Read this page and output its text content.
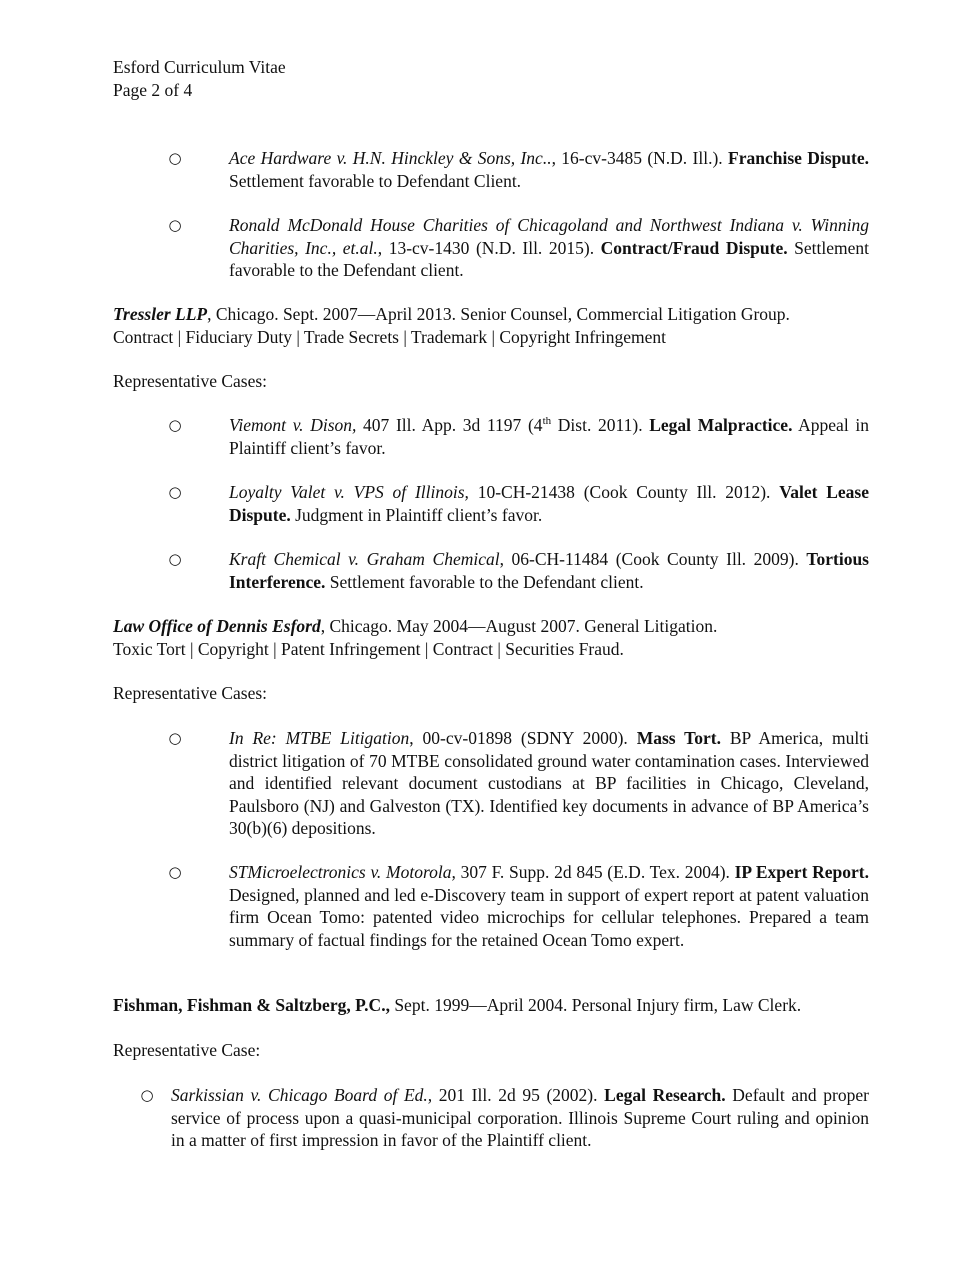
Esford Curriculum Vitae
Page 2 of 4
○	Ace Hardware v. H.N. Hinckley & Sons, Inc.., 16-cv-3485 (N.D. Ill.). Franchise Dispute. Settlement favorable to Defendant Client.
○	Ronald McDonald House Charities of Chicagoland and Northwest Indiana v. Winning Charities, Inc., et.al., 13-cv-1430 (N.D. Ill. 2015). Contract/Fraud Dispute. Settlement favorable to the Defendant client.
Tressler LLP, Chicago. Sept. 2007—April 2013. Senior Counsel, Commercial Litigation Group.
Contract | Fiduciary Duty | Trade Secrets | Trademark | Copyright Infringement
Representative Cases:
○	Viemont v. Dison, 407 Ill. App. 3d 1197 (4th Dist. 2011). Legal Malpractice. Appeal in Plaintiff client’s favor.
○	Loyalty Valet v. VPS of Illinois, 10-CH-21438 (Cook County Ill. 2012). Valet Lease Dispute. Judgment in Plaintiff client’s favor.
○	Kraft Chemical v. Graham Chemical, 06-CH-11484 (Cook County Ill. 2009). Tortious Interference. Settlement favorable to the Defendant client.
Law Office of Dennis Esford, Chicago. May 2004—August 2007. General Litigation.
Toxic Tort | Copyright | Patent Infringement | Contract | Securities Fraud.
Representative Cases:
○	In Re: MTBE Litigation, 00-cv-01898 (SDNY 2000). Mass Tort. BP America, multi district litigation of 70 MTBE consolidated ground water contamination cases. Interviewed and identified relevant document custodians at BP facilities in Chicago, Cleveland, Paulsboro (NJ) and Galveston (TX). Identified key documents in advance of BP America’s 30(b)(6) depositions.
○	STMicroelectronics v. Motorola, 307 F. Supp. 2d 845 (E.D. Tex. 2004). IP Expert Report. Designed, planned and led e-Discovery team in support of expert report at patent valuation firm Ocean Tomo: patented video microchips for cellular telephones. Prepared a team summary of factual findings for the retained Ocean Tomo expert.
Fishman, Fishman & Saltzberg, P.C., Sept. 1999—April 2004. Personal Injury firm, Law Clerk.
Representative Case:
○ Sarkissian v. Chicago Board of Ed., 201 Ill. 2d 95 (2002). Legal Research. Default and proper service of process upon a quasi-municipal corporation. Illinois Supreme Court ruling and opinion in a matter of first impression in favor of the Plaintiff client.
